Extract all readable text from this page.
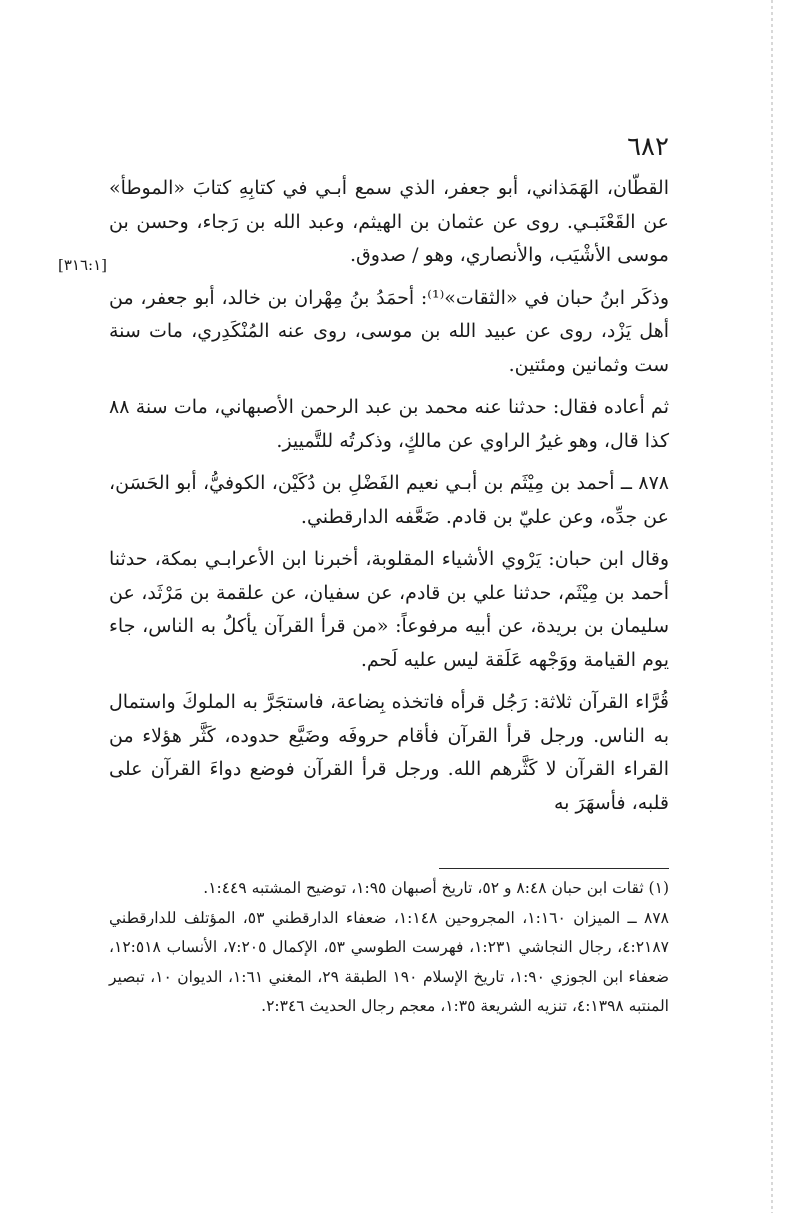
٦٨٢
[٣١٦:١]

القطّان، الهَمَذاني، أبو جعفر، الذي سمع أبـي في كتابِهِ كتابَ «الموطأ» عن القَعْنَبـي. روى عن عثمان بن الهيثم، وعبد الله بن رَجاء، وحسن بن موسى الأشْيَب، والأنصاري، وهو / صدوق.

وذكَر ابنُ حبان في «الثقات»⁽¹⁾: أحمَدُ بنُ مِهْران بن خالد، أبو جعفر، من أهل يَزْد، روى عن عبيد الله بن موسى، روى عنه المُنْكَدِري، مات سنة ست وثمانين ومئتين.

ثم أعاده فقال: حدثنا عنه محمد بن عبد الرحمن الأصبهاني، مات سنة ٨٨ كذا قال، وهو غيرُ الراوي عن مالكٍ، وذكرتُه للتَّمييز.

٨٧٨ ــ أحمد بن مِيْثَم بن أبـي نعيم الفَضْلِ بن دُكَيْن، الكوفيُّ، أبو الحَسَن، عن جدِّه، وعن عليّ بن قادم. ضَعَّفه الدارقطني.

وقال ابن حبان: يَرْوي الأشياء المقلوبة، أخبرنا ابن الأعرابـي بمكة، حدثنا أحمد بن مِيْثَم، حدثنا علي بن قادم، عن سفيان، عن علقمة بن مَرْثَد، عن سليمان بن بريدة، عن أبيه مرفوعاً: «من قرأ القرآن يأكلُ به الناس، جاء يوم القيامة ووَجْهه عَلَقة ليس عليه لَحم.

قُرَّاء القرآن ثلاثة: رَجُل قرأه فاتخذه بِضاعة، فاستجَرَّ به الملوكَ واستمال به الناس. ورجل قرأ القرآن فأقام حروفَه وضَيَّع حدوده، كَثَّر هؤلاء من القراء القرآن لا كَثَّرهم الله. ورجل قرأ القرآن فوضع دواءَ القرآن على قلبه، فأسهَرَ به

(١) ثقات ابن حبان ٨:٤٨ و ٥٢، تاريخ أصبهان ١:٩٥، توضيح المشتبه ١:٤٤٩.

٨٧٨ ــ الميزان ١:١٦٠، المجروحين ١:١٤٨، ضعفاء الدارقطني ٥٣، المؤتلف للدارقطني ٤:٢١٨٧، رجال النجاشي ١:٢٣١، فهرست الطوسي ٥٣، الإكمال ٧:٢٠٥، الأنساب ١٢:٥١٨، ضعفاء ابن الجوزي ١:٩٠، تاريخ الإسلام ١٩٠ الطبقة ٢٩، المغني ١:٦١، الديوان ١٠، تبصير المنتبه ٤:١٣٩٨، تنزيه الشريعة ١:٣٥، معجم رجال الحديث ٢:٣٤٦.
